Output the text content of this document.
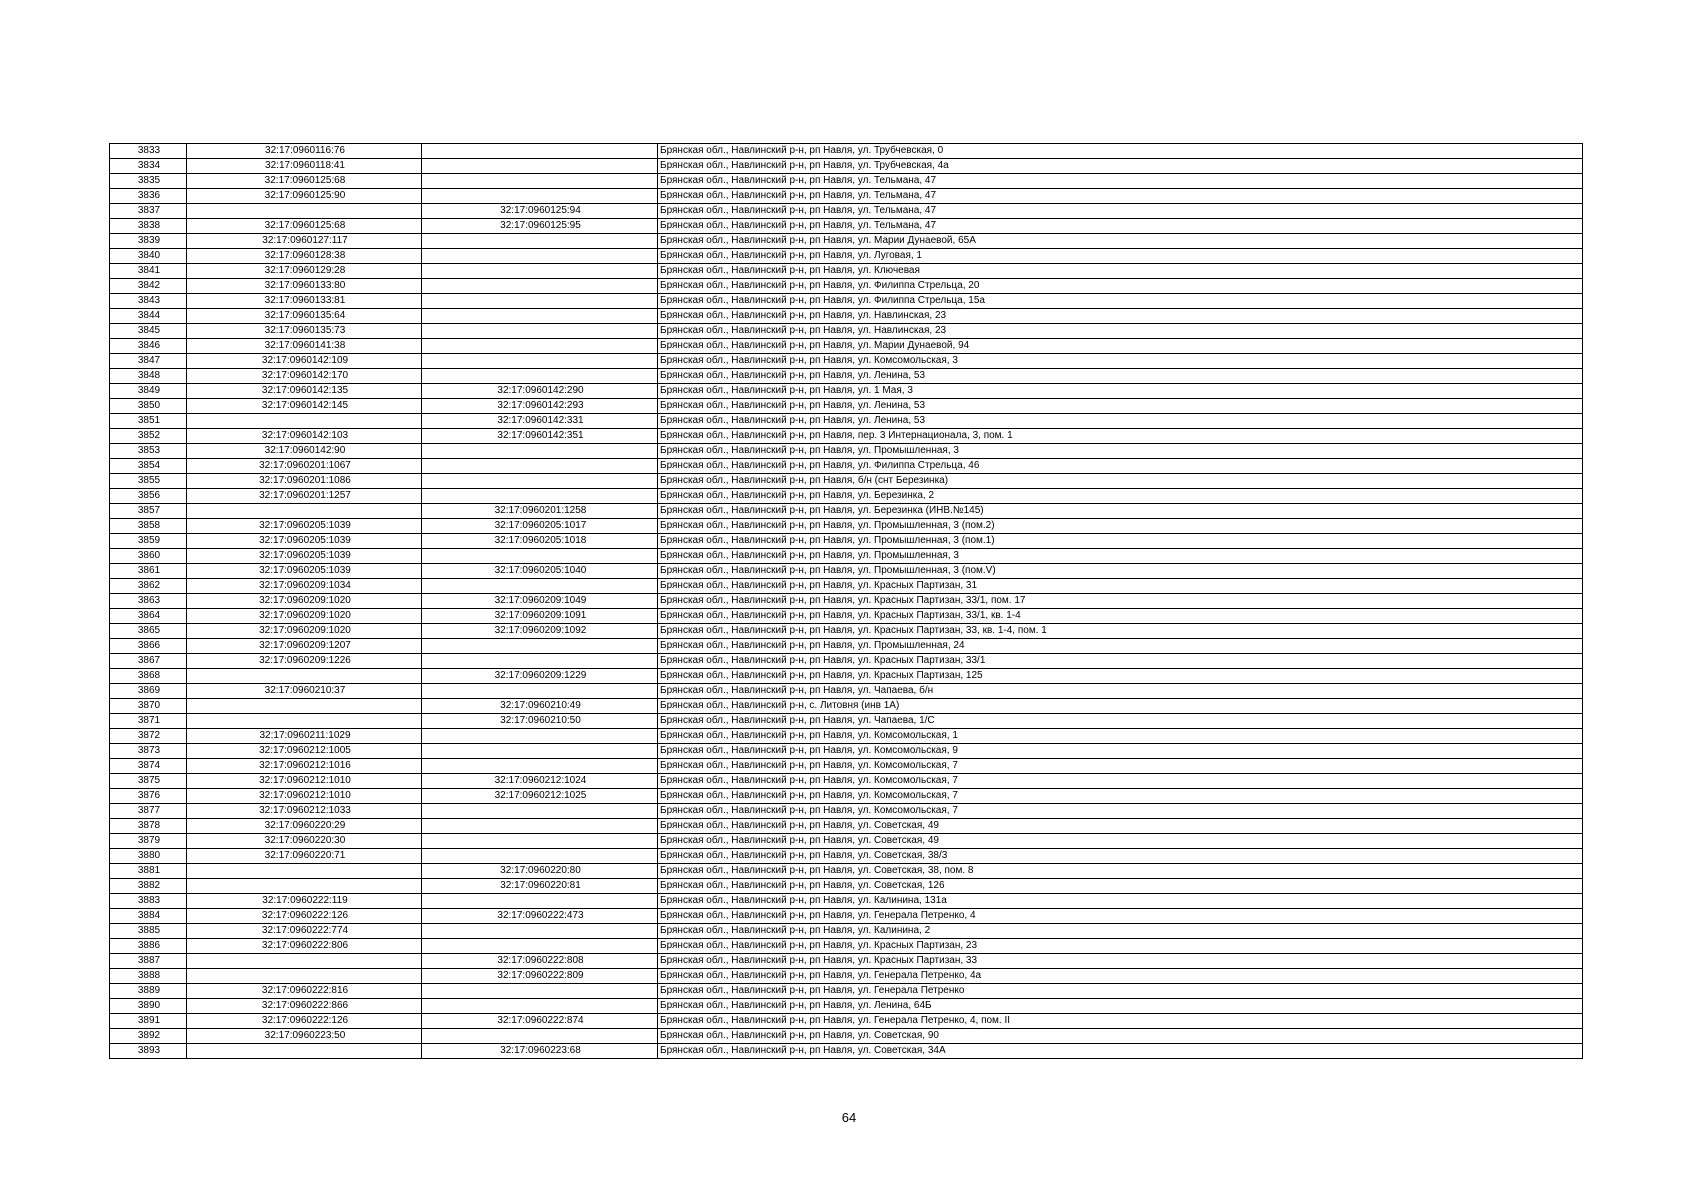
3833	32:17:0960116:76		Брянская обл., Навлинский р-н, рп Навля, ул. Трубчевская, 0
3834	32:17:0960118:41		Брянская обл., Навлинский р-н, рп Навля, ул. Трубчевская, 4а
3835	32:17:0960125:68		Брянская обл., Навлинский р-н, рп Навля, ул. Тельмана, 47
3836	32:17:0960125:90		Брянская обл., Навлинский р-н, рп Навля, ул. Тельмана, 47
3837		32:17:0960125:94	Брянская обл., Навлинский р-н, рп Навля, ул. Тельмана, 47
3838	32:17:0960125:68	32:17:0960125:95	Брянская обл., Навлинский р-н, рп Навля, ул. Тельмана, 47
3839	32:17:0960127:117		Брянская обл., Навлинский р-н, рп Навля, ул. Марии Дунаевой, 65А
3840	32:17:0960128:38		Брянская обл., Навлинский р-н, рп Навля, ул. Луговая, 1
3841	32:17:0960129:28		Брянская обл., Навлинский р-н, рп Навля, ул. Ключевая
3842	32:17:0960133:80		Брянская обл., Навлинский р-н, рп Навля, ул. Филиппа Стрельца, 20
3843	32:17:0960133:81		Брянская обл., Навлинский р-н, рп Навля, ул. Филиппа Стрельца, 15а
3844	32:17:0960135:64		Брянская обл., Навлинский р-н, рп Навля, ул. Навлинская, 23
3845	32:17:0960135:73		Брянская обл., Навлинский р-н, рп Навля, ул. Навлинская, 23
3846	32:17:0960141:38		Брянская обл., Навлинский р-н, рп Навля, ул. Марии Дунаевой, 94
3847	32:17:0960142:109		Брянская обл., Навлинский р-н, рп Навля, ул. Комсомольская, 3
3848	32:17:0960142:170		Брянская обл., Навлинский р-н, рп Навля, ул. Ленина, 53
3849	32:17:0960142:135	32:17:0960142:290	Брянская обл., Навлинский р-н, рп Навля, ул. 1 Мая, 3
3850	32:17:0960142:145	32:17:0960142:293	Брянская обл., Навлинский р-н, рп Навля, ул. Ленина, 53
3851		32:17:0960142:331	Брянская обл., Навлинский р-н, рп Навля, ул. Ленина, 53
3852	32:17:0960142:103	32:17:0960142:351	Брянская обл., Навлинский р-н, рп Навля, пер. 3 Интернационала, 3, пом. 1
3853	32:17:0960142:90		Брянская обл., Навлинский р-н, рп Навля, ул. Промышленная, 3
3854	32:17:0960201:1067		Брянская обл., Навлинский р-н, рп Навля, ул. Филиппа Стрельца, 46
3855	32:17:0960201:1086		Брянская обл., Навлинский р-н, рп Навля, б/н (снт Березинка)
3856	32:17:0960201:1257		Брянская обл., Навлинский р-н, рп Навля, ул. Березинка, 2
3857		32:17:0960201:1258	Брянская обл., Навлинский р-н, рп Навля, ул. Березинка (ИНВ.№145)
3858	32:17:0960205:1039	32:17:0960205:1017	Брянская обл., Навлинский р-н, рп Навля, ул. Промышленная, 3 (пом.2)
3859	32:17:0960205:1039	32:17:0960205:1018	Брянская обл., Навлинский р-н, рп Навля, ул. Промышленная, 3 (пом.1)
3860	32:17:0960205:1039		Брянская обл., Навлинский р-н, рп Навля, ул. Промышленная, 3
3861	32:17:0960205:1039	32:17:0960205:1040	Брянская обл., Навлинский р-н, рп Навля, ул. Промышленная, 3 (пом.V)
3862	32:17:0960209:1034		Брянская обл., Навлинский р-н, рп Навля, ул. Красных Партизан, 31
3863	32:17:0960209:1020	32:17:0960209:1049	Брянская обл., Навлинский р-н, рп Навля, ул. Красных Партизан, 33/1, пом. 17
3864	32:17:0960209:1020	32:17:0960209:1091	Брянская обл., Навлинский р-н, рп Навля, ул. Красных Партизан, 33/1, кв. 1-4
3865	32:17:0960209:1020	32:17:0960209:1092	Брянская обл., Навлинский р-н, рп Навля, ул. Красных Партизан, 33, кв. 1-4, пом. 1
3866	32:17:0960209:1207		Брянская обл., Навлинский р-н, рп Навля, ул. Промышленная, 24
3867	32:17:0960209:1226		Брянская обл., Навлинский р-н, рп Навля, ул. Красных Партизан, 33/1
3868		32:17:0960209:1229	Брянская обл., Навлинский р-н, рп Навля, ул. Красных Партизан, 125
3869	32:17:0960210:37		Брянская обл., Навлинский р-н, рп Навля, ул. Чапаева, б/н
3870		32:17:0960210:49	Брянская обл., Навлинский р-н, с. Литовня (инв 1А)
3871		32:17:0960210:50	Брянская обл., Навлинский р-н, рп Навля, ул. Чапаева, 1/С
3872	32:17:0960211:1029		Брянская обл., Навлинский р-н, рп Навля, ул. Комсомольская, 1
3873	32:17:0960212:1005		Брянская обл., Навлинский р-н, рп Навля, ул. Комсомольская, 9
3874	32:17:0960212:1016		Брянская обл., Навлинский р-н, рп Навля, ул. Комсомольская, 7
3875	32:17:0960212:1010	32:17:0960212:1024	Брянская обл., Навлинский р-н, рп Навля, ул. Комсомольская, 7
3876	32:17:0960212:1010	32:17:0960212:1025	Брянская обл., Навлинский р-н, рп Навля, ул. Комсомольская, 7
3877	32:17:0960212:1033		Брянская обл., Навлинский р-н, рп Навля, ул. Комсомольская, 7
3878	32:17:0960220:29		Брянская обл., Навлинский р-н, рп Навля, ул. Советская, 49
3879	32:17:0960220:30		Брянская обл., Навлинский р-н, рп Навля, ул. Советская, 49
3880	32:17:0960220:71		Брянская обл., Навлинский р-н, рп Навля, ул. Советская, 38/3
3881		32:17:0960220:80	Брянская обл., Навлинский р-н, рп Навля, ул. Советская, 38, пом. 8
3882		32:17:0960220:81	Брянская обл., Навлинский р-н, рп Навля, ул. Советская, 126
3883	32:17:0960222:119		Брянская обл., Навлинский р-н, рп Навля, ул. Калинина, 131а
3884	32:17:0960222:126	32:17:0960222:473	Брянская обл., Навлинский р-н, рп Навля, ул. Генерала Петренко, 4
3885	32:17:0960222:774		Брянская обл., Навлинский р-н, рп Навля, ул. Калинина, 2
3886	32:17:0960222:806		Брянская обл., Навлинский р-н, рп Навля, ул. Красных Партизан, 23
3887		32:17:0960222:808	Брянская обл., Навлинский р-н, рп Навля, ул. Красных Партизан, 33
3888		32:17:0960222:809	Брянская обл., Навлинский р-н, рп Навля, ул. Генерала Петренко, 4а
3889	32:17:0960222:816		Брянская обл., Навлинский р-н, рп Навля, ул. Генерала Петренко
3890	32:17:0960222:866		Брянская обл., Навлинский р-н, рп Навля, ул. Ленина, 64Б
3891	32:17:0960222:126	32:17:0960222:874	Брянская обл., Навлинский р-н, рп Навля, ул. Генерала Петренко, 4, пом. II
3892	32:17:0960223:50		Брянская обл., Навлинский р-н, рп Навля, ул. Советская, 90
3893		32:17:0960223:68	Брянская обл., Навлинский р-н, рп Навля, ул. Советская, 34А
64
